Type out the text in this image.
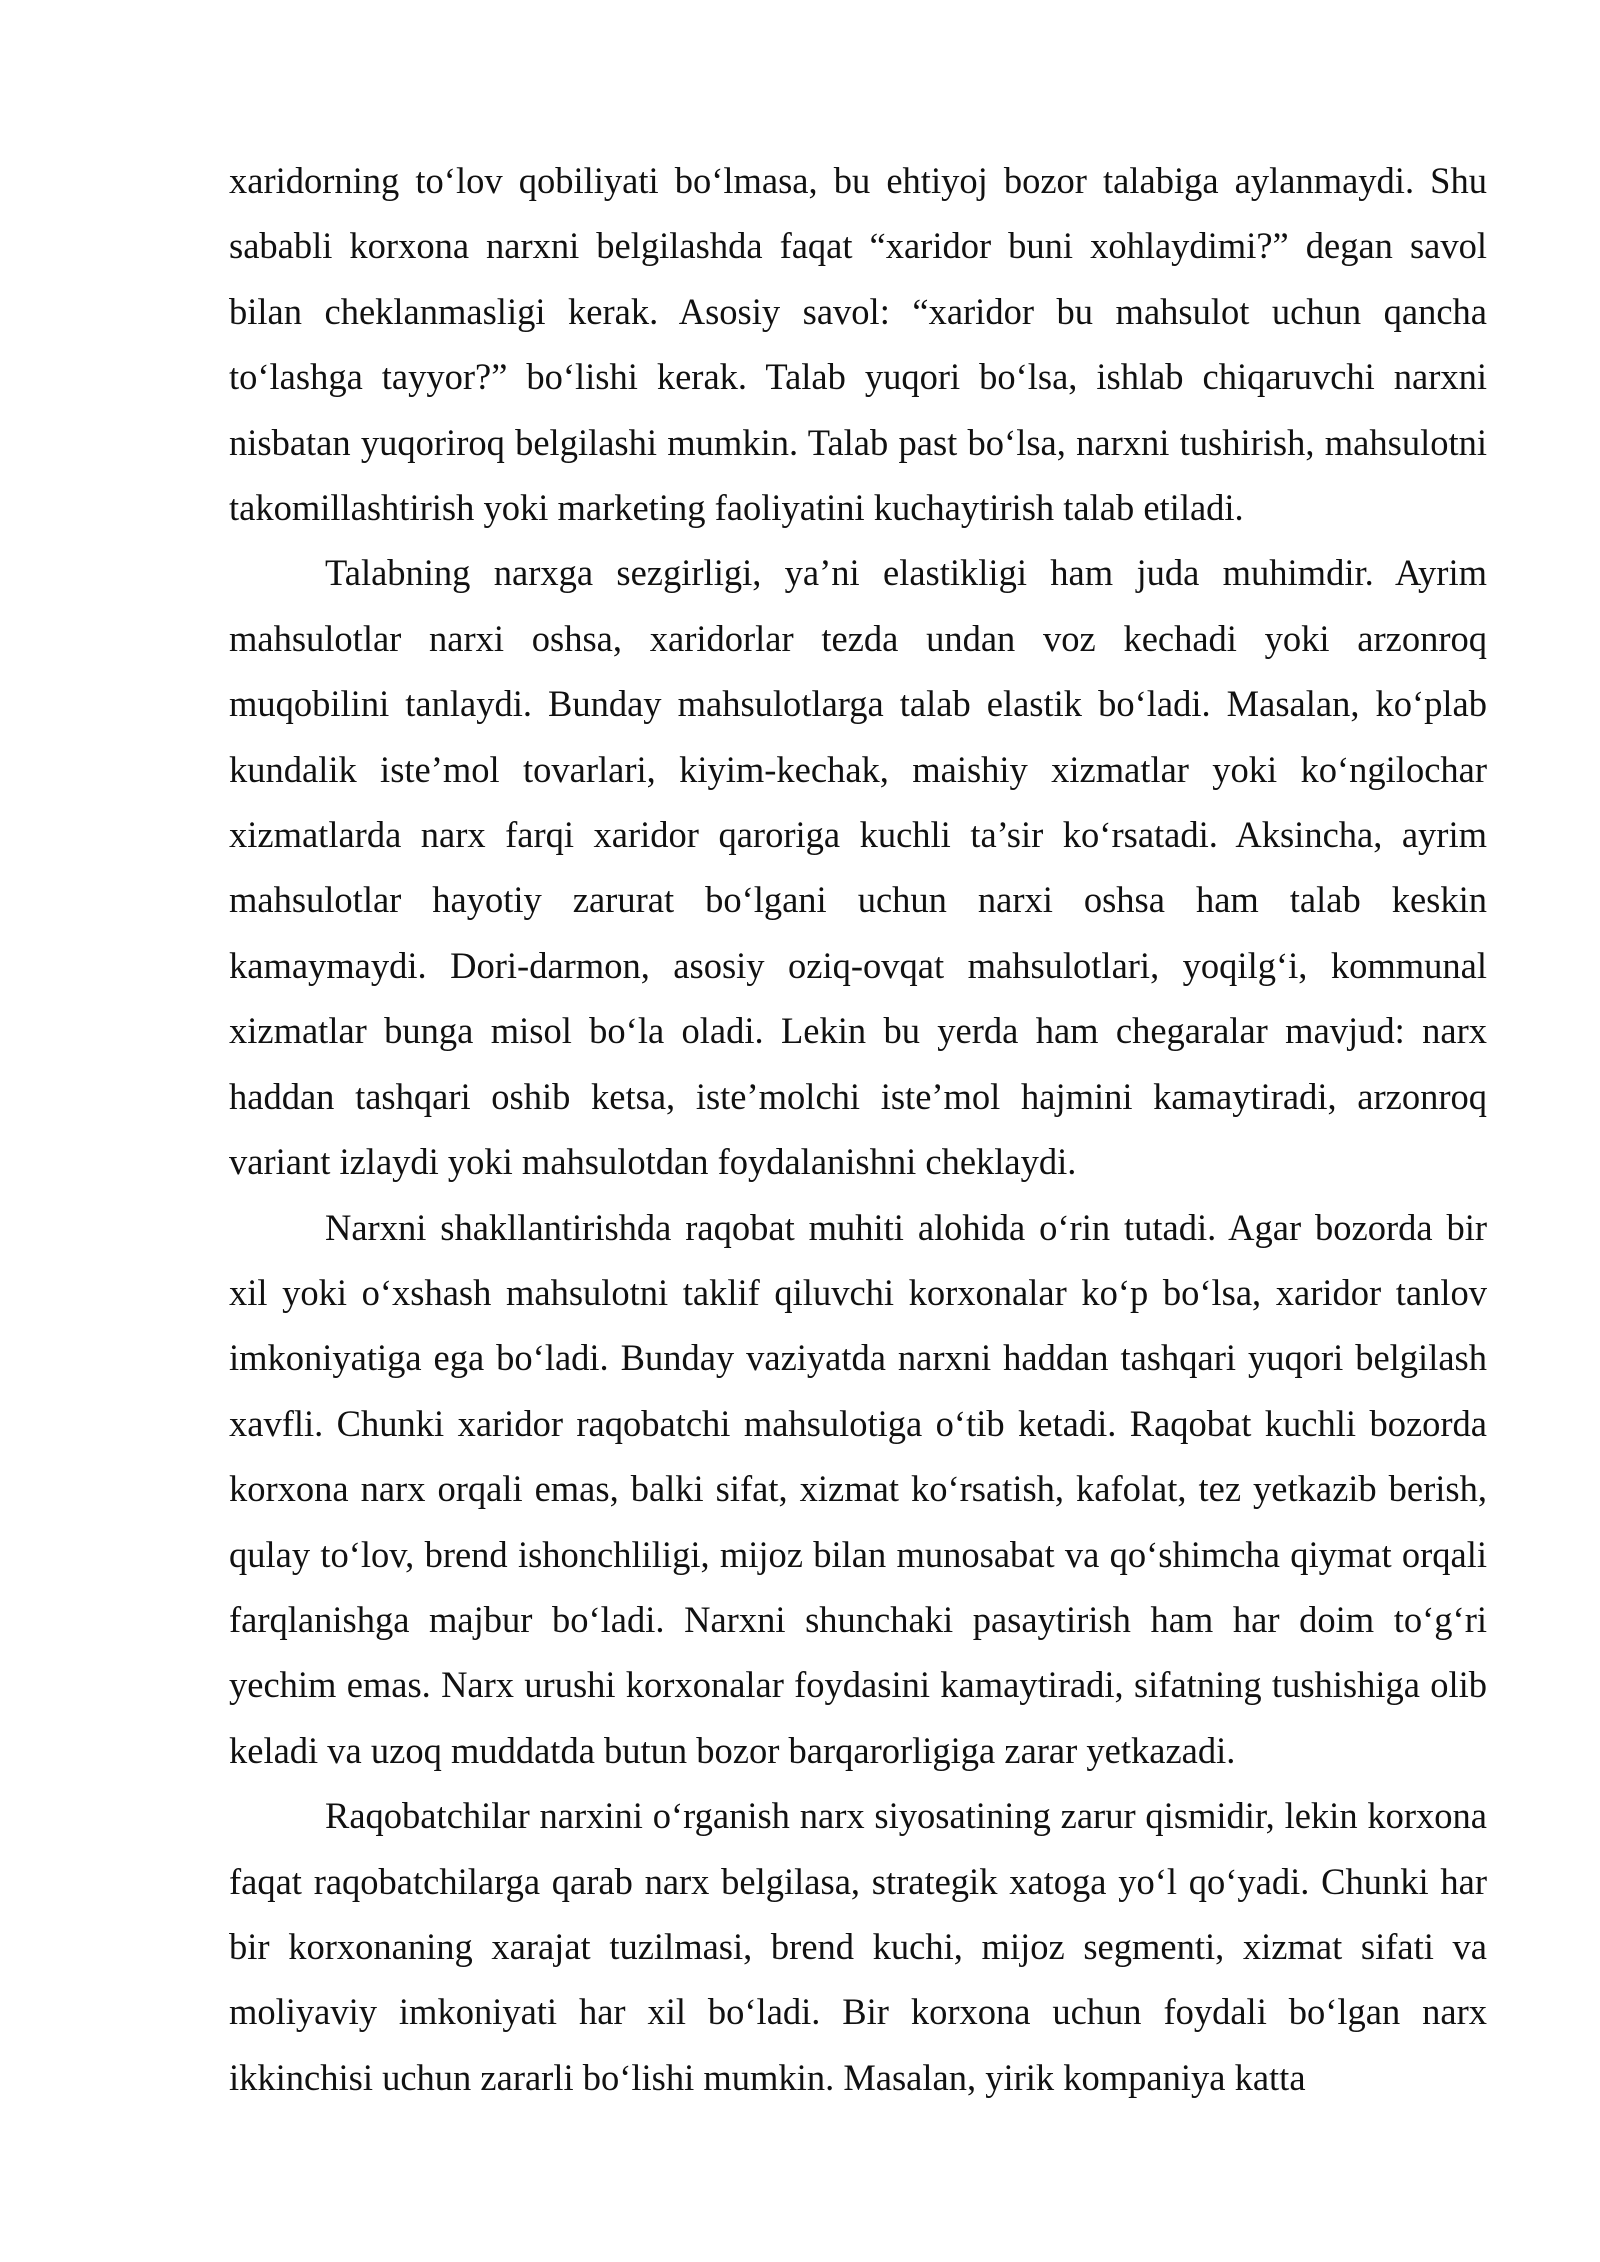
xaridorning to‘lov qobiliyati bo‘lmasa, bu ehtiyoj bozor talabiga aylanmaydi. Shu sababli korxona narxni belgilashda faqat “xaridor buni xohlaydimi?” degan savol bilan cheklanmasligi kerak. Asosiy savol: “xaridor bu mahsulot uchun qancha to‘lashga tayyor?” bo‘lishi kerak. Talab yuqori bo‘lsa, ishlab chiqaruvchi narxni nisbatan yuqoriroq belgilashi mumkin. Talab past bo‘lsa, narxni tushirish, mahsulotni takomillashtirish yoki marketing faoliyatini kuchaytirish talab etiladi.

Talabning narxga sezgirligi, ya’ni elastikligi ham juda muhimdir. Ayrim mahsulotlar narxi oshsa, xaridorlar tezda undan voz kechadi yoki arzonroq muqobilini tanlaydi. Bunday mahsulotlarga talab elastik bo‘ladi. Masalan, ko‘plab kundalik iste’mol tovarlari, kiyim-kechak, maishiy xizmatlar yoki ko‘ngilochar xizmatlarda narx farqi xaridor qaroriga kuchli ta’sir ko‘rsatadi. Aksincha, ayrim mahsulotlar hayotiy zarurat bo‘lgani uchun narxi oshsa ham talab keskin kamaymaydi. Dori-darmon, asosiy oziq-ovqat mahsulotlari, yoqilg‘i, kommunal xizmatlar bunga misol bo‘la oladi. Lekin bu yerda ham chegaralar mavjud: narx haddan tashqari oshib ketsa, iste’molchi iste’mol hajmini kamaytiradi, arzonroq variant izlaydi yoki mahsulotdan foydalanishni cheklaydi.

Narxni shakllantirishda raqobat muhiti alohida o‘rin tutadi. Agar bozorda bir xil yoki o‘xshash mahsulotni taklif qiluvchi korxonalar ko‘p bo‘lsa, xaridor tanlov imkoniyatiga ega bo‘ladi. Bunday vaziyatda narxni haddan tashqari yuqori belgilash xavfli. Chunki xaridor raqobatchi mahsulotiga o‘tib ketadi. Raqobat kuchli bozorda korxona narx orqali emas, balki sifat, xizmat ko‘rsatish, kafolat, tez yetkazib berish, qulay to‘lov, brend ishonchliligi, mijoz bilan munosabat va qo‘shimcha qiymat orqali farqlanishga majbur bo‘ladi. Narxni shunchaki pasaytirish ham har doim to‘g‘ri yechim emas. Narx urushi korxonalar foydasini kamaytiradi, sifatning tushishiga olib keladi va uzoq muddatda butun bozor barqarorligiga zarar yetkazadi.

Raqobatchilar narxini o‘rganish narx siyosatining zarur qismidir, lekin korxona faqat raqobatchilarga qarab narx belgilasa, strategik xatoga yo‘l qo‘yadi. Chunki har bir korxonaning xarajat tuzilmasi, brend kuchi, mijoz segmenti, xizmat sifati va moliyaviy imkoniyati har xil bo‘ladi. Bir korxona uchun foydali bo‘lgan narx ikkinchisi uchun zararli bo‘lishi mumkin. Masalan, yirik kompaniya katta
